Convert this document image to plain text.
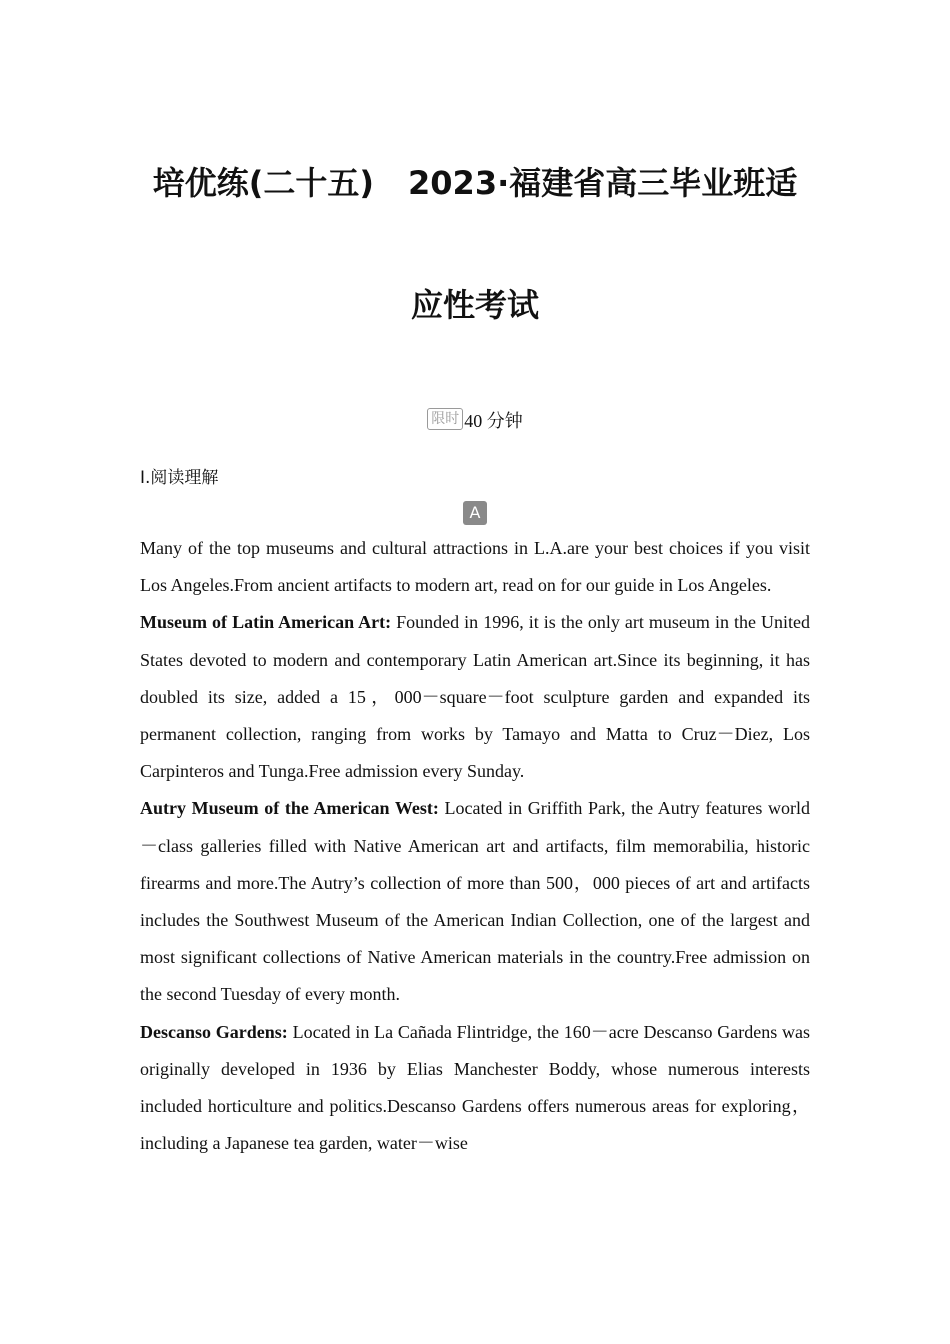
培优练(二十五) 2023·福建省高三毕业班适
应性考试
限时 40 分钟
Ⅰ.阅读理解
A

Many of the top museums and cultural attractions in L.A.are your best choices if you visit Los Angeles.From ancient artifacts to modern art, read on for our guide in Los Angeles.

Museum of Latin American Art: Founded in 1996, it is the only art museum in the United States devoted to modern and contemporary Latin American art.Since its beginning, it has doubled its size, added a 15，000－square－foot sculpture garden and expanded its permanent collection, ranging from works by Tamayo and Matta to Cruz－Diez, Los Carpinteros and Tunga.Free admission every Sunday.

Autry Museum of the American West: Located in Griffith Park, the Autry features world－class galleries filled with Native American art and artifacts, film memorabilia, historic firearms and more.The Autry’s collection of more than 500，000 pieces of art and artifacts includes the Southwest Museum of the American Indian Collection, one of the largest and most significant collections of Native American materials in the country.Free admission on the second Tuesday of every month.

Descanso Gardens: Located in La Cañada Flintridge, the 160－acre Descanso Gardens was originally developed in 1936 by Elias Manchester Boddy, whose numerous interests included horticulture and politics.Descanso Gardens offers numerous areas for exploring， including a Japanese tea garden, water－wise
